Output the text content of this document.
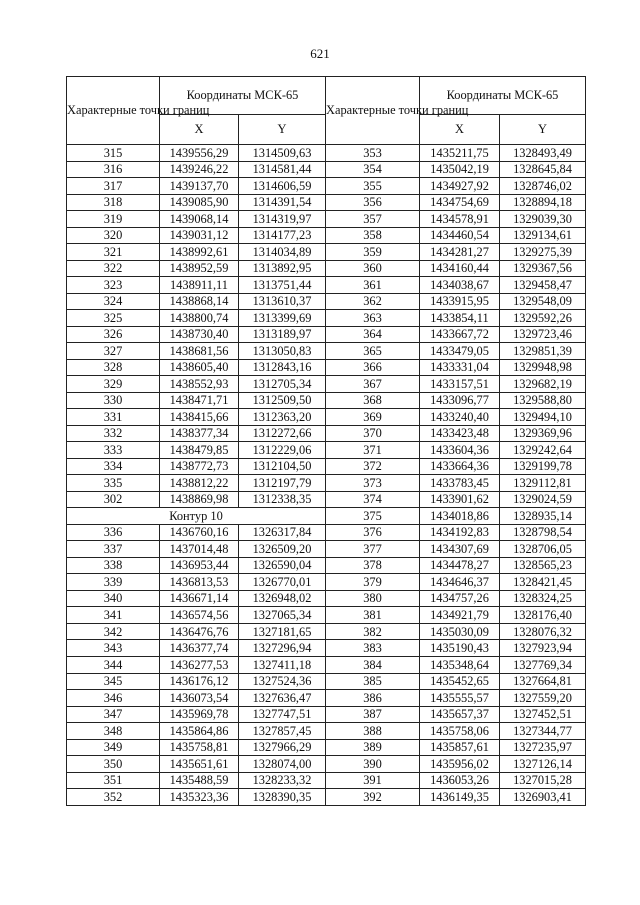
621
Характерные точки границ	Координаты МСК-65		Характерные точки границ	Координаты МСК-65	
	X	Y		X	Y
315	1439556,29	1314509,63	353	1435211,75	1328493,49
316	1439246,22	1314581,44	354	1435042,19	1328645,84
317	1439137,70	1314606,59	355	1434927,92	1328746,02
318	1439085,90	1314391,54	356	1434754,69	1328894,18
319	1439068,14	1314319,97	357	1434578,91	1329039,30
320	1439031,12	1314177,23	358	1434460,54	1329134,61
321	1438992,61	1314034,89	359	1434281,27	1329275,39
322	1438952,59	1313892,95	360	1434160,44	1329367,56
323	1438911,11	1313751,44	361	1434038,67	1329458,47
324	1438868,14	1313610,37	362	1433915,95	1329548,09
325	1438800,74	1313399,69	363	1433854,11	1329592,26
326	1438730,40	1313189,97	364	1433667,72	1329723,46
327	1438681,56	1313050,83	365	1433479,05	1329851,39
328	1438605,40	1312843,16	366	1433331,04	1329948,98
329	1438552,93	1312705,34	367	1433157,51	1329682,19
330	1438471,71	1312509,50	368	1433096,77	1329588,80
331	1438415,66	1312363,20	369	1433240,40	1329494,10
332	1438377,34	1312272,66	370	1433423,48	1329369,96
333	1438479,85	1312229,06	371	1433604,36	1329242,64
334	1438772,73	1312104,50	372	1433664,36	1329199,78
335	1438812,22	1312197,79	373	1433783,45	1329112,81
302	1438869,98	1312338,35	374	1433901,62	1329024,59
Контур 10			375	1434018,86	1328935,14
336	1436760,16	1326317,84	376	1434192,83	1328798,54
337	1437014,48	1326509,20	377	1434307,69	1328706,05
338	1436953,44	1326590,04	378	1434478,27	1328565,23
339	1436813,53	1326770,01	379	1434646,37	1328421,45
340	1436671,14	1326948,02	380	1434757,26	1328324,25
341	1436574,56	1327065,34	381	1434921,79	1328176,40
342	1436476,76	1327181,65	382	1435030,09	1328076,32
343	1436377,74	1327296,94	383	1435190,43	1327923,94
344	1436277,53	1327411,18	384	1435348,64	1327769,34
345	1436176,12	1327524,36	385	1435452,65	1327664,81
346	1436073,54	1327636,47	386	1435555,57	1327559,20
347	1435969,78	1327747,51	387	1435657,37	1327452,51
348	1435864,86	1327857,45	388	1435758,06	1327344,77
349	1435758,81	1327966,29	389	1435857,61	1327235,97
350	1435651,61	1328074,00	390	1435956,02	1327126,14
351	1435488,59	1328233,32	391	1436053,26	1327015,28
352	1435323,36	1328390,35	392	1436149,35	1326903,41
